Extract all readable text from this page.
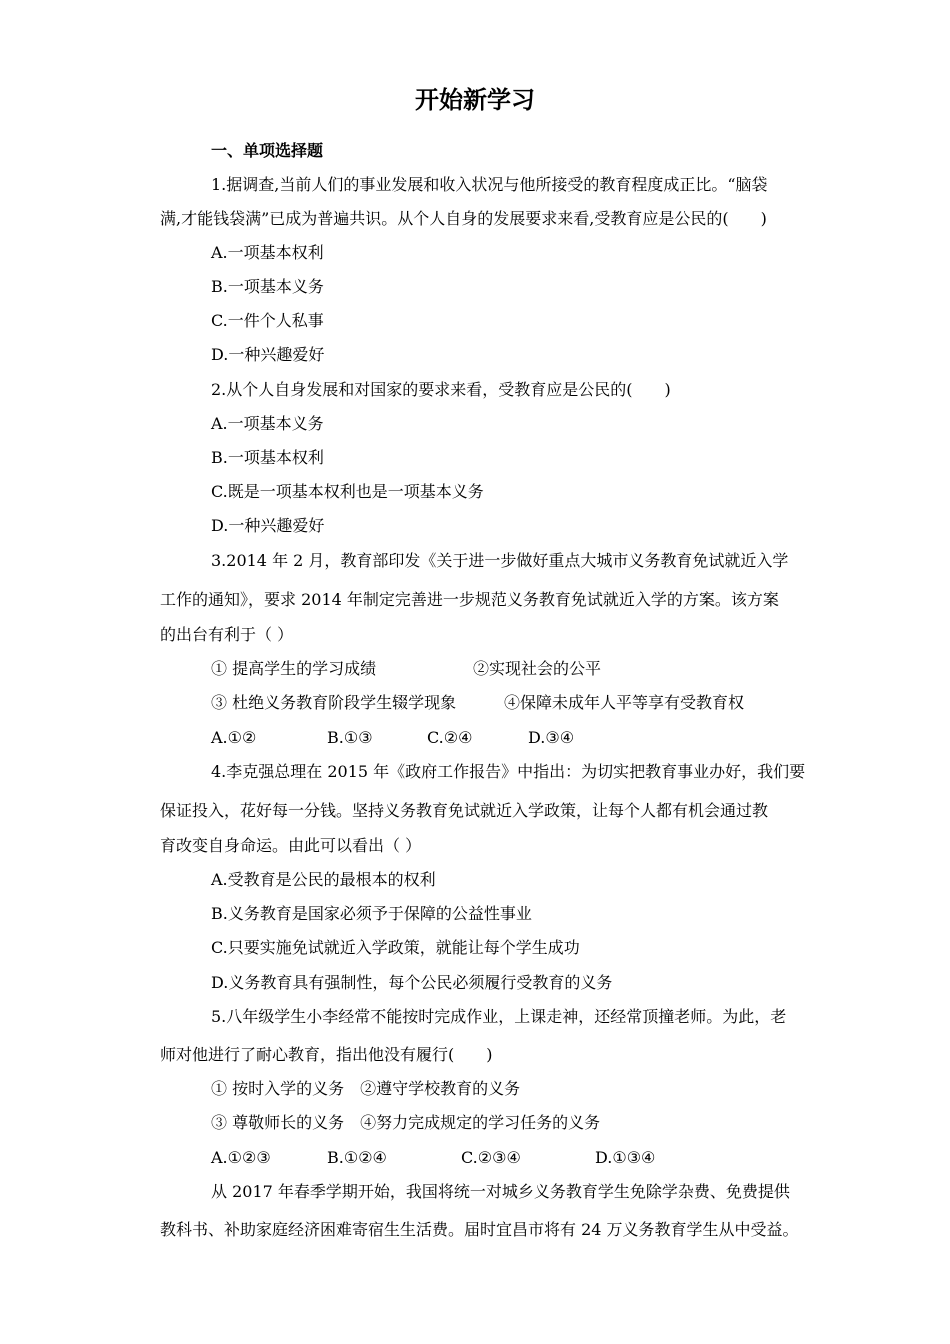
开始新学习
一、单项选择题
1.据调查,当前人们的事业发展和收入状况与他所接受的教育程度成正比。“脑袋
满,才能钱袋满”已成为普遍共识。从个人自身的发展要求来看,受教育应是公民的(　　)
A.一项基本权利
B.一项基本义务
C.一件个人私事
D.一种兴趣爱好
2.从个人自身发展和对国家的要求来看，受教育应是公民的(　　)
A.一项基本义务
B.一项基本权利
C.既是一项基本权利也是一项基本义务
D.一种兴趣爱好
3.2014 年 2 月，教育部印发《关于进一步做好重点大城市义务教育免试就近入学
工作的通知》，要求 2014 年制定完善进一步规范义务教育免试就近入学的方案。该方案
的出台有利于（ ）
① 提高学生的学习成绩	②实现社会的公平
③ 杜绝义务教育阶段学生辍学现象	④保障未成年人平等享有受教育权
A.①②	B.①③	C.②④	D.③④
4.李克强总理在 2015 年《政府工作报告》中指出：为切实把教育事业办好，我们要
保证投入，花好每一分钱。坚持义务教育免试就近入学政策，让每个人都有机会通过教
育改变自身命运。由此可以看出（ ）
A.受教育是公民的最根本的权利
B.义务教育是国家必须予于保障的公益性事业
C.只要实施免试就近入学政策，就能让每个学生成功
D.义务教育具有强制性，每个公民必须履行受教育的义务
5.八年级学生小李经常不能按时完成作业，上课走神，还经常顶撞老师。为此，老
师对他进行了耐心教育，指出他没有履行(　　)
① 按时入学的义务　②遵守学校教育的义务
③ 尊敬师长的义务　④努力完成规定的学习任务的义务
A.①②③	B.①②④	C.②③④	D.①③④
从 2017 年春季学期开始，我国将统一对城乡义务教育学生免除学杂费、免费提供
教科书、补助家庭经济困难寄宿生生活费。届时宜昌市将有 24 万义务教育学生从中受益。
